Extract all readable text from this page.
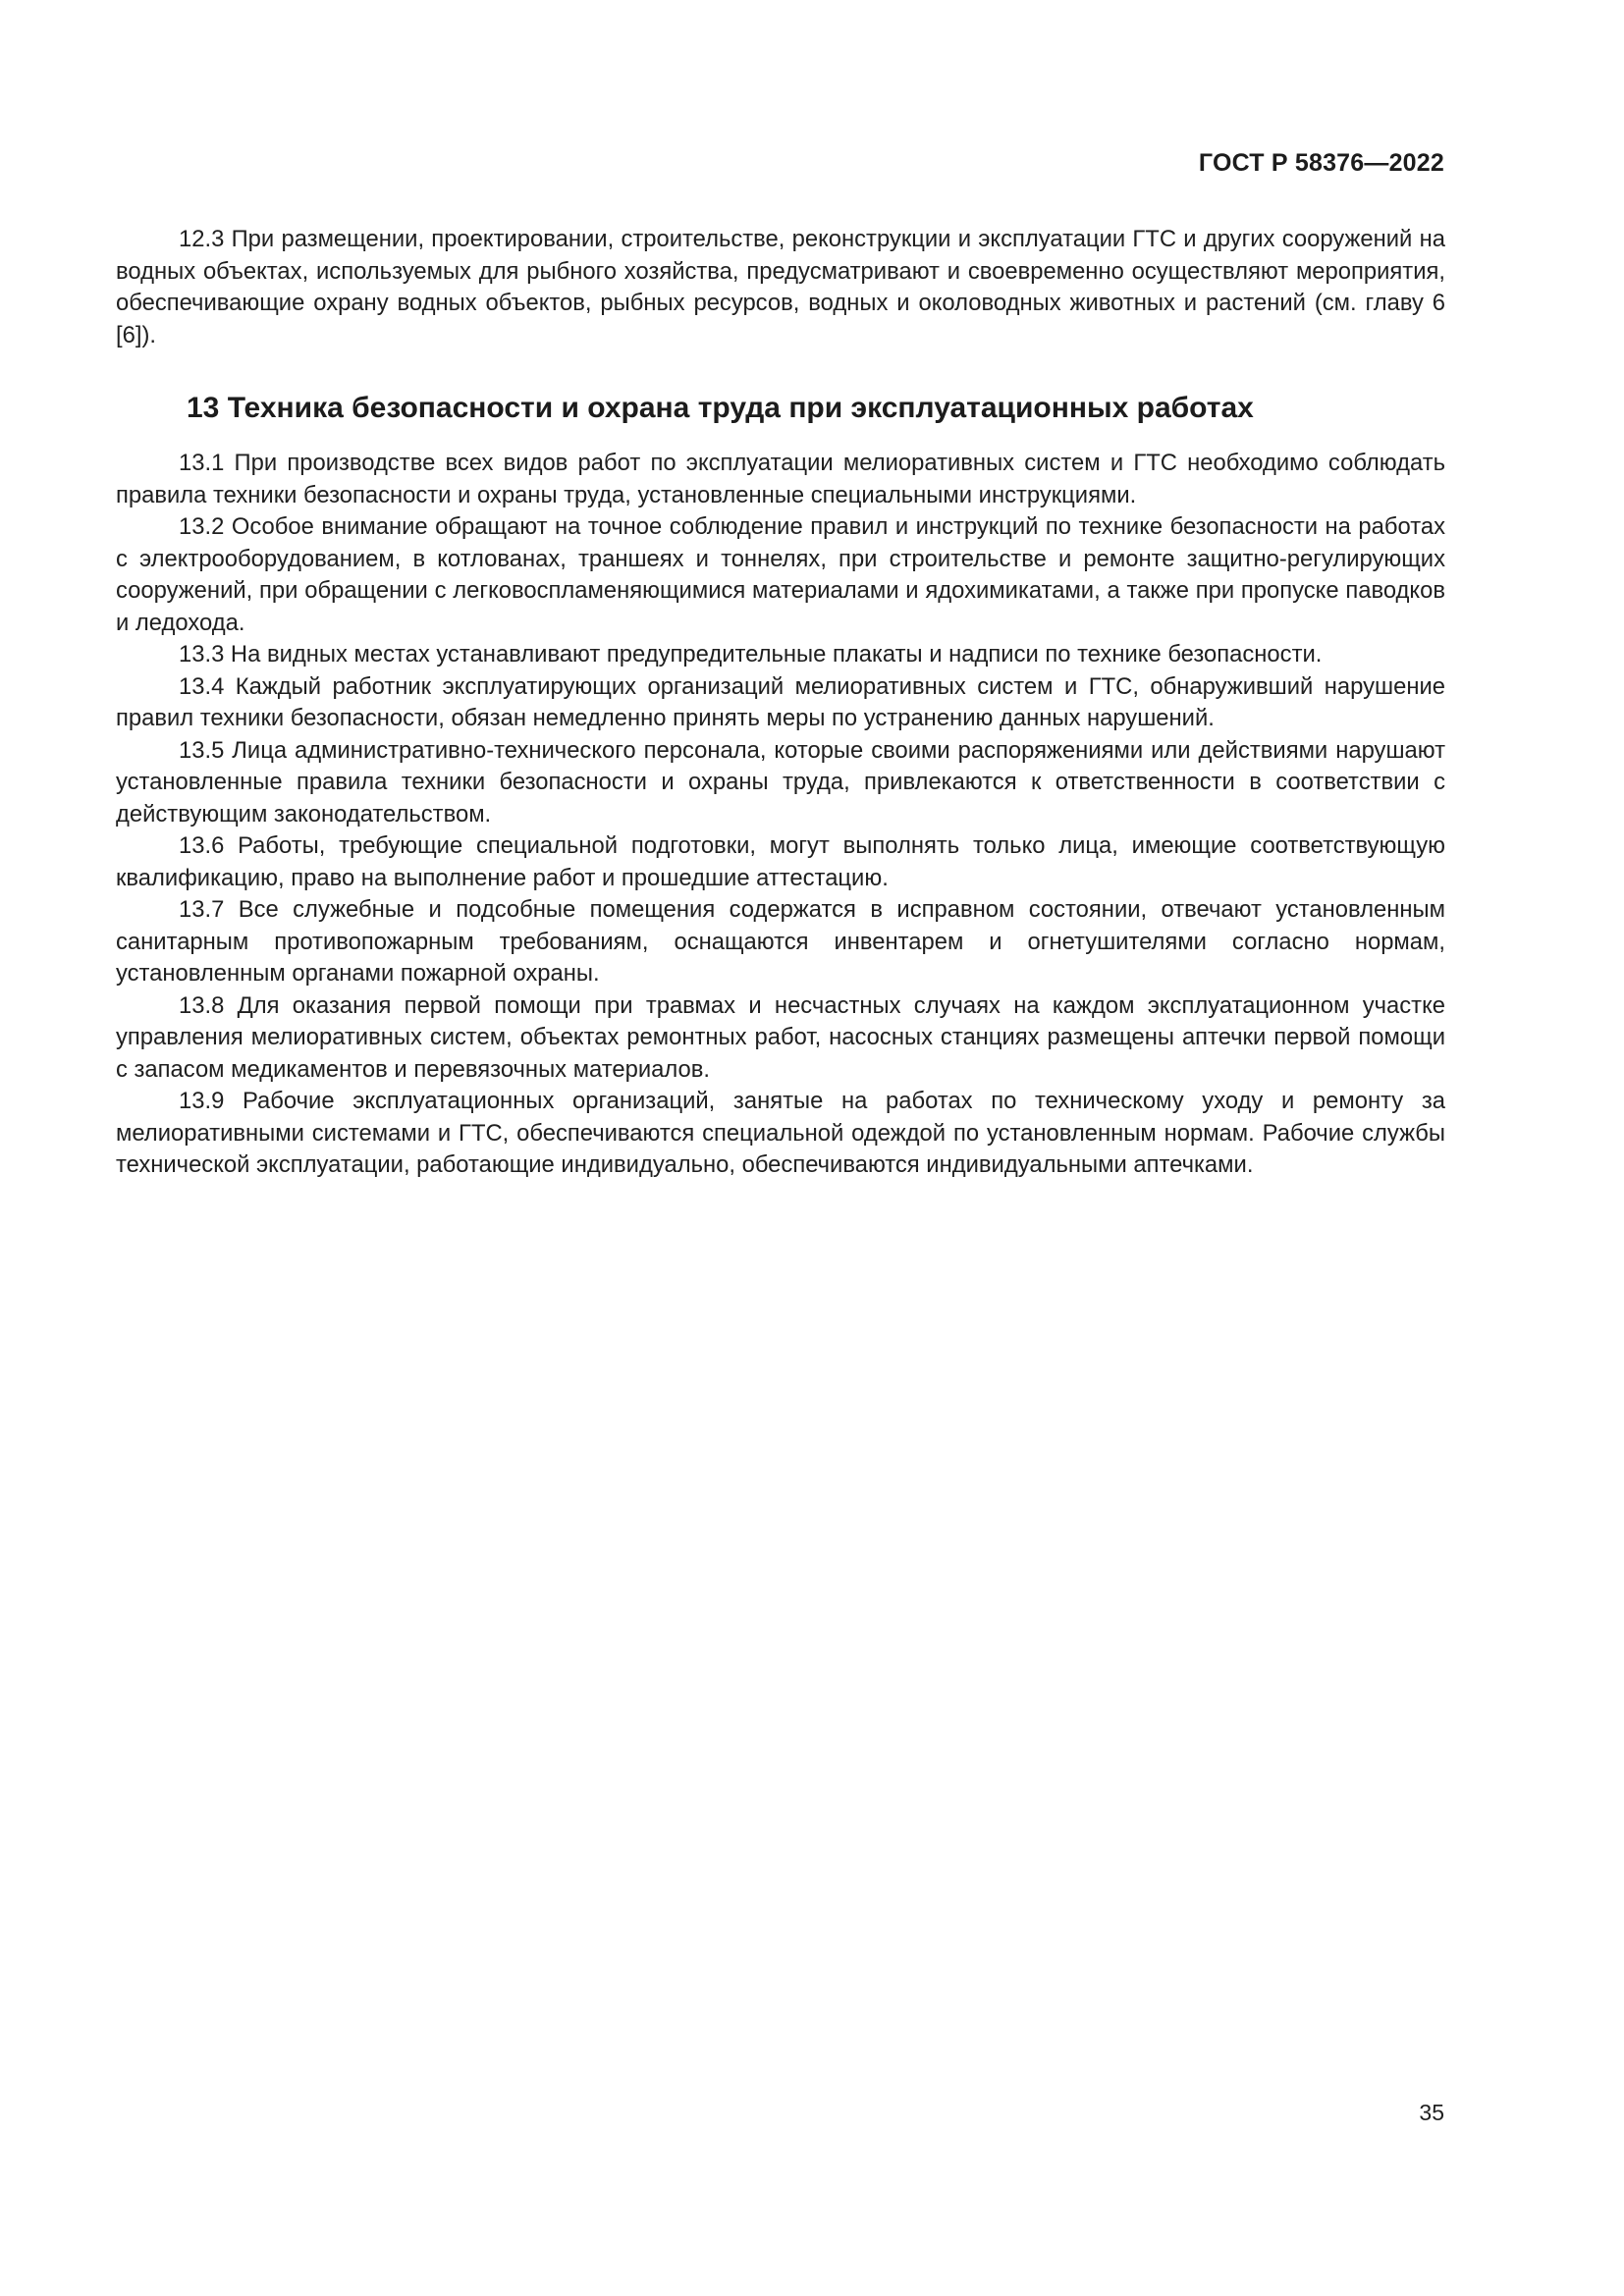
ГОСТ Р 58376—2022

12.3 При размещении, проектировании, строительстве, реконструкции и эксплуатации ГТС и других сооружений на водных объектах, используемых для рыбного хозяйства, предусматривают и своевременно осуществляют мероприятия, обеспечивающие охрану водных объектов, рыбных ресурсов, водных и околоводных животных и растений (см. главу 6 [6]).

13 Техника безопасности и охрана труда при эксплуатационных работах

13.1 При производстве всех видов работ по эксплуатации мелиоративных систем и ГТС необходимо соблюдать правила техники безопасности и охраны труда, установленные специальными инструкциями.

13.2 Особое внимание обращают на точное соблюдение правил и инструкций по технике безопасности на работах с электрооборудованием, в котлованах, траншеях и тоннелях, при строительстве и ремонте защитно-регулирующих сооружений, при обращении с легковоспламеняющимися материалами и ядохимикатами, а также при пропуске паводков и ледохода.

13.3 На видных местах устанавливают предупредительные плакаты и надписи по технике безопасности.

13.4 Каждый работник эксплуатирующих организаций мелиоративных систем и ГТС, обнаруживший нарушение правил техники безопасности, обязан немедленно принять меры по устранению данных нарушений.

13.5 Лица административно-технического персонала, которые своими распоряжениями или действиями нарушают установленные правила техники безопасности и охраны труда, привлекаются к ответственности в соответствии с действующим законодательством.

13.6 Работы, требующие специальной подготовки, могут выполнять только лица, имеющие соответствующую квалификацию, право на выполнение работ и прошедшие аттестацию.

13.7 Все служебные и подсобные помещения содержатся в исправном состоянии, отвечают установленным санитарным противопожарным требованиям, оснащаются инвентарем и огнетушителями согласно нормам, установленным органами пожарной охраны.

13.8 Для оказания первой помощи при травмах и несчастных случаях на каждом эксплуатационном участке управления мелиоративных систем, объектах ремонтных работ, насосных станциях размещены аптечки первой помощи с запасом медикаментов и перевязочных материалов.

13.9 Рабочие эксплуатационных организаций, занятые на работах по техническому уходу и ремонту за мелиоративными системами и ГТС, обеспечиваются специальной одеждой по установленным нормам. Рабочие службы технической эксплуатации, работающие индивидуально, обеспечиваются индивидуальными аптечками.

35
